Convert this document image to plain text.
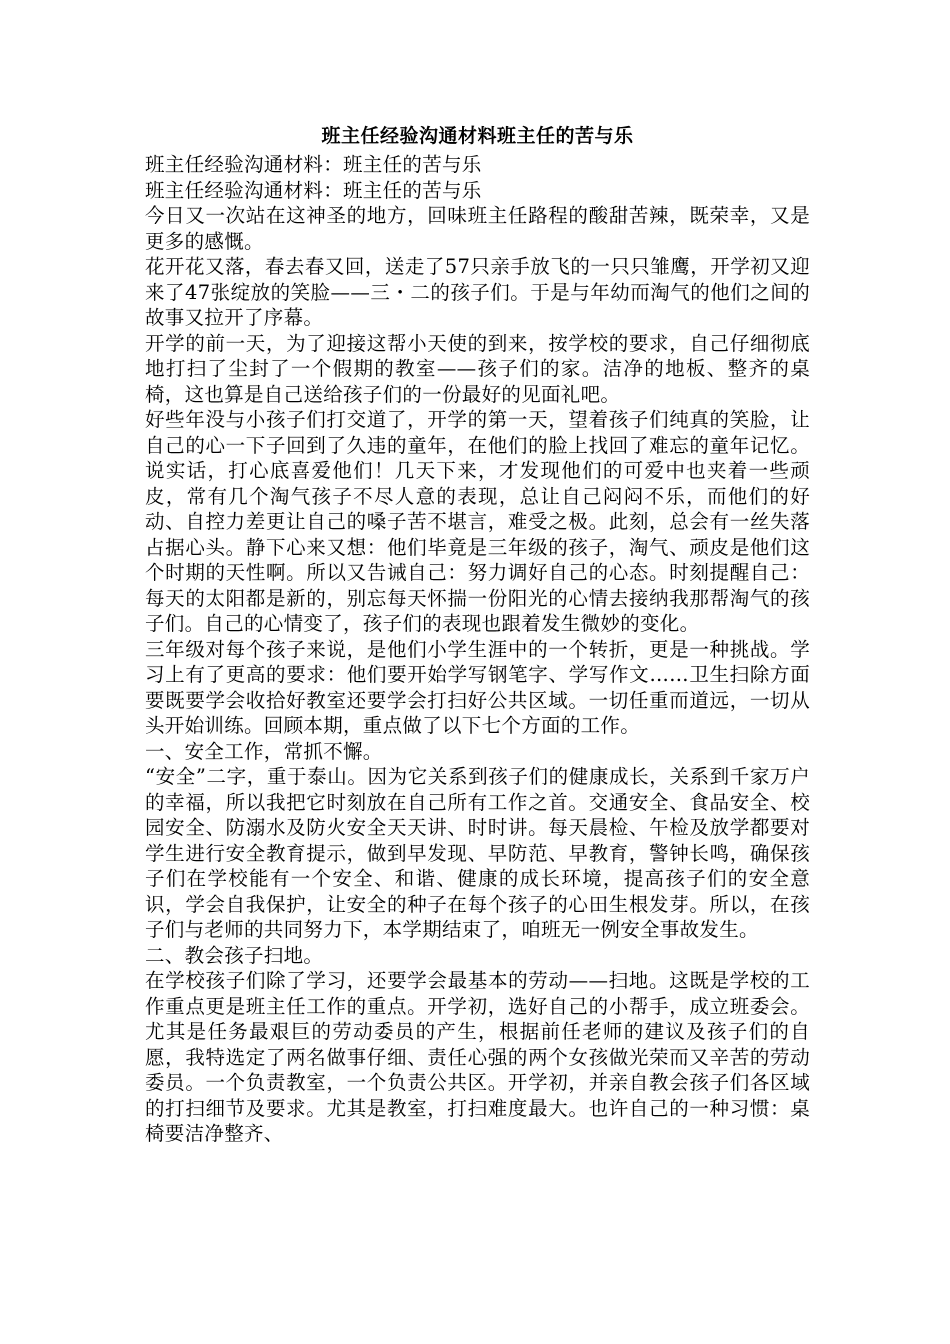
班主任经验沟通材料班主任的苦与乐

班主任经验沟通材料：班主任的苦与乐

班主任经验沟通材料：班主任的苦与乐

今日又一次站在这神圣的地方，回味班主任路程的酸甜苦辣，既荣幸，又是更多的感慨。

花开花又落，春去春又回，送走了57只亲手放飞的一只只雏鹰，开学初又迎来了47张绽放的笑脸——三・二的孩子们。于是与年幼而淘气的他们之间的故事又拉开了序幕。

开学的前一天，为了迎接这帮小天使的到来，按学校的要求，自己仔细彻底地打扫了尘封了一个假期的教室——孩子们的家。洁净的地板、整齐的桌椅，这也算是自己送给孩子们的一份最好的见面礼吧。

好些年没与小孩子们打交道了，开学的第一天，望着孩子们纯真的笑脸，让自己的心一下子回到了久违的童年，在他们的脸上找回了难忘的童年记忆。说实话，打心底喜爱他们！几天下来，才发现他们的可爱中也夹着一些顽皮，常有几个淘气孩子不尽人意的表现，总让自己闷闷不乐，而他们的好动、自控力差更让自己的嗓子苦不堪言，难受之极。此刻，总会有一丝失落占据心头。静下心来又想：他们毕竟是三年级的孩子，淘气、顽皮是他们这个时期的天性啊。所以又告诫自己：努力调好自己的心态。时刻提醒自己：每天的太阳都是新的，别忘每天怀揣一份阳光的心情去接纳我那帮淘气的孩子们。自己的心情变了，孩子们的表现也跟着发生微妙的变化。

三年级对每个孩子来说，是他们小学生涯中的一个转折，更是一种挑战。学习上有了更高的要求：他们要开始学写钢笔字、学写作文……卫生扫除方面要既要学会收拾好教室还要学会打扫好公共区域。一切任重而道远，一切从头开始训练。回顾本期，重点做了以下七个方面的工作。

一、安全工作，常抓不懈。

“安全”二字，重于泰山。因为它关系到孩子们的健康成长，关系到千家万户的幸福，所以我把它时刻放在自己所有工作之首。交通安全、食品安全、校园安全、防溺水及防火安全天天讲、时时讲。每天晨检、午检及放学都要对学生进行安全教育提示，做到早发现、早防范、早教育，警钟长鸣，确保孩子们在学校能有一个安全、和谐、健康的成长环境，提高孩子们的安全意识，学会自我保护，让安全的种子在每个孩子的心田生根发芽。所以，在孩子们与老师的共同努力下，本学期结束了，咱班无一例安全事故发生。

二、教会孩子扫地。

在学校孩子们除了学习，还要学会最基本的劳动——扫地。这既是学校的工作重点更是班主任工作的重点。开学初，选好自己的小帮手，成立班委会。尤其是任务最艰巨的劳动委员的产生，根据前任老师的建议及孩子们的自愿，我特选定了两名做事仔细、责任心强的两个女孩做光荣而又辛苦的劳动委员。一个负责教室，一个负责公共区。开学初，并亲自教会孩子们各区域的打扫细节及要求。尤其是教室，打扫难度最大。也许自己的一种习惯：桌椅要洁净整齐、
